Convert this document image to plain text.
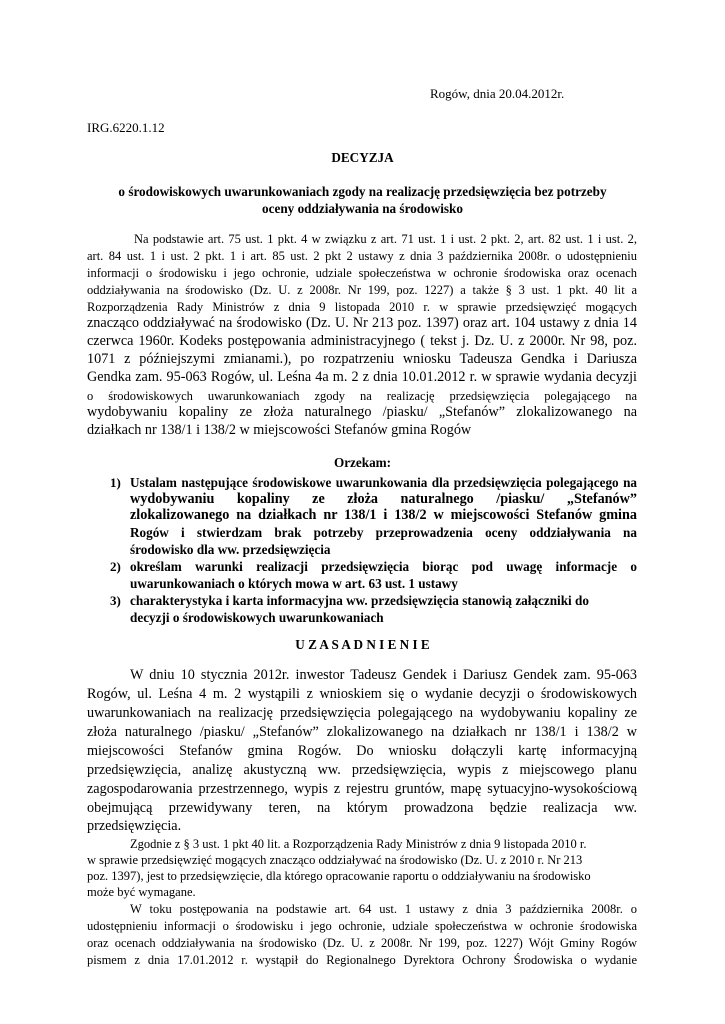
Rogów, dnia 20.04.2012r.
IRG.6220.1.12
DECYZJA
o środowiskowych uwarunkowaniach zgody na realizację przedsięwzięcia bez potrzeby
oceny oddziaływania na środowisko
Na podstawie art. 75 ust. 1 pkt. 4 w związku z art. 71 ust. 1 i ust. 2 pkt. 2, art. 82 ust. 1 i ust. 2,
art. 84 ust. 1 i ust. 2 pkt. 1 i art. 85 ust. 2 pkt 2 ustawy z dnia 3 października 2008r. o udostępnieniu
informacji o środowisku i jego ochronie, udziale społeczeństwa w ochronie środowiska oraz ocenach
oddziaływania na środowisko (Dz. U. z 2008r. Nr 199, poz. 1227) a także § 3 ust. 1 pkt. 40 lit a
Rozporządzenia Rady Ministrów z dnia 9 listopada 2010 r. w sprawie przedsięwzięć mogących
znacząco oddziaływać na środowisko (Dz. U. Nr 213 poz. 1397) oraz art. 104 ustawy z dnia 14
czerwca 1960r. Kodeks postępowania administracyjnego ( tekst j. Dz. U. z 2000r. Nr 98, poz.
1071 z późniejszymi zmianami.), po rozpatrzeniu wniosku Tadeusza Gendka i Dariusza
Gendka zam. 95-063 Rogów, ul. Leśna 4a m. 2 z dnia 10.01.2012 r. w sprawie wydania decyzji
o środowiskowych uwarunkowaniach zgody na realizację przedsięwzięcia polegającego na
wydobywaniu kopaliny ze złoża naturalnego /piasku/ „Stefanów” zlokalizowanego na
działkach nr 138/1 i 138/2 w miejscowości Stefanów gmina Rogów
Orzekam:
1) Ustalam następujące środowiskowe uwarunkowania dla przedsięwzięcia polegającego na
wydobywaniu kopaliny ze złoża naturalnego /piasku/ „Stefanów”
zlokalizowanego na działkach nr 138/1 i 138/2 w miejscowości Stefanów gmina
Rogów i stwierdzam brak potrzeby przeprowadzenia oceny oddziaływania na
środowisko dla ww. przedsięwzięcia
2) określam warunki realizacji przedsięwzięcia biorąc pod uwagę informacje o
uwarunkowaniach o których mowa w art. 63 ust. 1 ustawy
3) charakterystyka i karta informacyjna ww. przedsięwzięcia stanowią załączniki do
decyzji o środowiskowych uwarunkowaniach
U Z A S A D N I E N I E
W dniu 10 stycznia 2012r. inwestor Tadeusz Gendek i Dariusz Gendek zam. 95-063
Rogów, ul. Leśna 4 m. 2 wystąpili z wnioskiem się o wydanie decyzji o środowiskowych
uwarunkowaniach na realizację przedsięwzięcia polegającego na wydobywaniu kopaliny ze
złoża naturalnego /piasku/ „Stefanów” zlokalizowanego na działkach nr 138/1 i 138/2 w
miejscowości Stefanów gmina Rogów. Do wniosku dołączyli kartę informacyjną
przedsięwzięcia, analizę akustyczną ww. przedsięwzięcia, wypis z miejscowego planu
zagospodarowania przestrzennego, wypis z rejestru gruntów, mapę sytuacyjno-wysokościową
obejmującą przewidywany teren, na którym prowadzona będzie realizacja ww.
przedsięwzięcia.
Zgodnie z § 3 ust. 1 pkt 40 lit. a Rozporządzenia Rady Ministrów z dnia 9 listopada 2010 r.
w sprawie przedsięwzięć mogących znacząco oddziaływać na środowisko (Dz. U. z 2010 r. Nr 213
poz. 1397), jest to przedsięwzięcie, dla którego opracowanie raportu o oddziaływaniu na środowisko
może być wymagane.
W toku postępowania na podstawie art. 64 ust. 1 ustawy z dnia 3 października 2008r. o
udostępnieniu informacji o środowisku i jego ochronie, udziale społeczeństwa w ochronie środowiska
oraz ocenach oddziaływania na środowisko (Dz. U. z 2008r. Nr 199, poz. 1227) Wójt Gminy Rogów
pismem z dnia 17.01.2012 r. wystąpił do Regionalnego Dyrektora Ochrony Środowiska o wydanie
